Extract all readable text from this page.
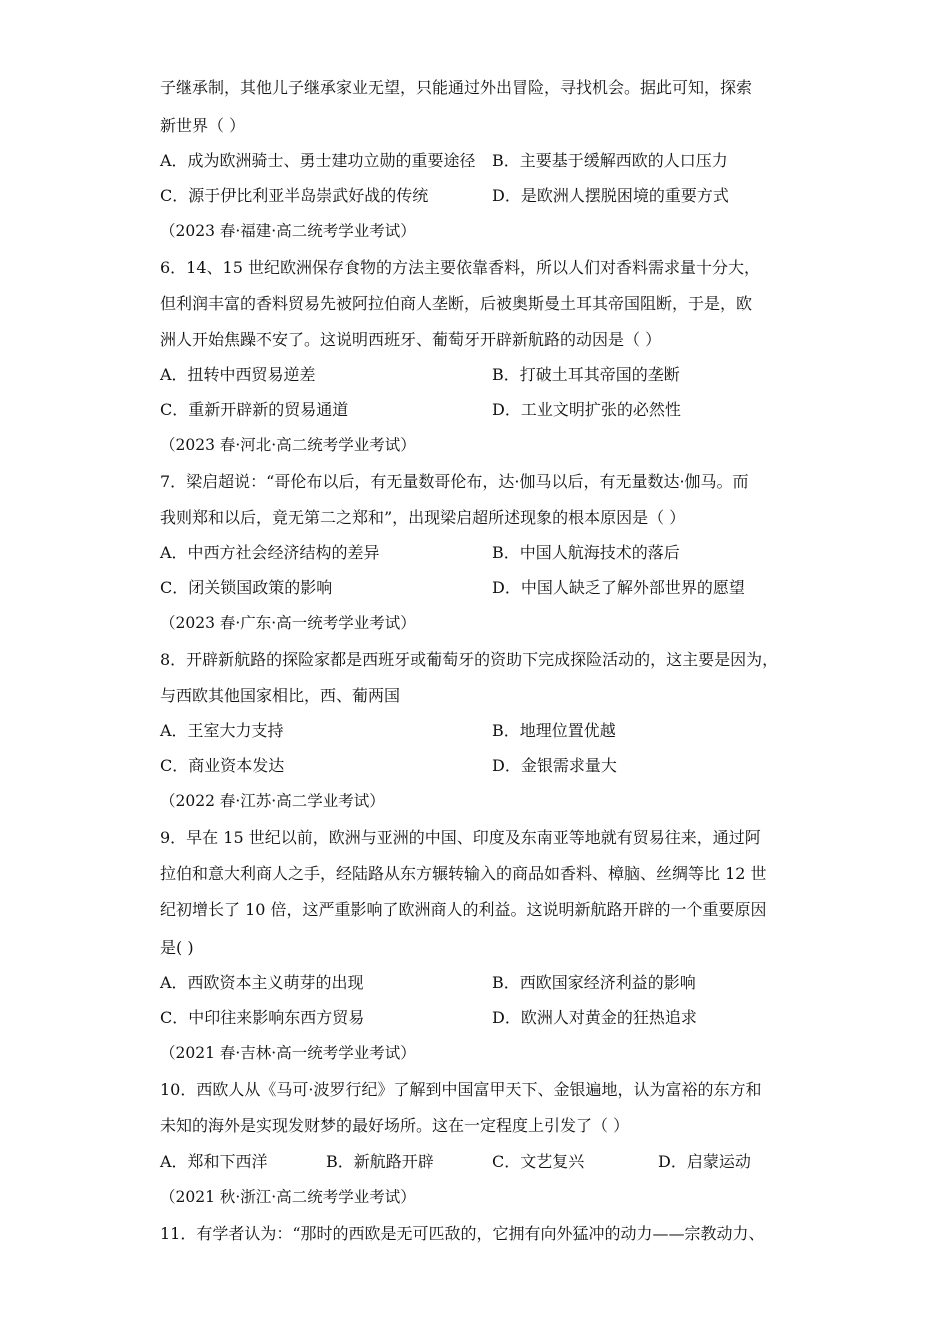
子继承制，其他儿子继承家业无望，只能通过外出冒险，寻找机会。据此可知，探索
新世界（ ）
A．成为欧洲骑士、勇士建功立勋的重要途径 B．主要基于缓解西欧的人口压力
C．源于伊比利亚半岛崇武好战的传统	D．是欧洲人摆脱困境的重要方式
（2023 春·福建·高二统考学业考试）
6．14、15 世纪欧洲保存食物的方法主要依靠香料，所以人们对香料需求量十分大，
但利润丰富的香料贸易先被阿拉伯商人垄断，后被奥斯曼土耳其帝国阻断，于是，欧
洲人开始焦躁不安了。这说明西班牙、葡萄牙开辟新航路的动因是（ ）
A．扭转中西贸易逆差	B．打破土耳其帝国的垄断
C．重新开辟新的贸易通道	D．工业文明扩张的必然性
（2023 春·河北·高二统考学业考试）
7．梁启超说：“哥伦布以后，有无量数哥伦布，达·伽马以后，有无量数达·伽马。而
我则郑和以后，竟无第二之郑和”，出现梁启超所述现象的根本原因是（ ）
A．中西方社会经济结构的差异	B．中国人航海技术的落后
C．闭关锁国政策的影响	D．中国人缺乏了解外部世界的愿望
（2023 春·广东·高一统考学业考试）
8．开辟新航路的探险家都是西班牙或葡萄牙的资助下完成探险活动的，这主要是因为，
与西欧其他国家相比，西、葡两国
A．王室大力支持	B．地理位置优越
C．商业资本发达	D．金银需求量大
（2022 春·江苏·高二学业考试）
9．早在 15 世纪以前，欧洲与亚洲的中国、印度及东南亚等地就有贸易往来，通过阿
拉伯和意大利商人之手，经陆路从东方辗转输入的商品如香料、樟脑、丝绸等比 12 世
纪初增长了 10 倍，这严重影响了欧洲商人的利益。这说明新航路开辟的一个重要原因
是( )
A．西欧资本主义萌芽的出现	B．西欧国家经济利益的影响
C．中印往来影响东西方贸易	D．欧洲人对黄金的狂热追求
（2021 春·吉林·高一统考学业考试）
10．西欧人从《马可·波罗行纪》了解到中国富甲天下、金银遍地，认为富裕的东方和
未知的海外是实现发财梦的最好场所。这在一定程度上引发了（ ）
A．郑和下西洋	B．新航路开辟	C．文艺复兴	D．启蒙运动
（2021 秋·浙江·高二统考学业考试）
11．有学者认为：“那时的西欧是无可匹敌的，它拥有向外猛冲的动力——宗教动力、
